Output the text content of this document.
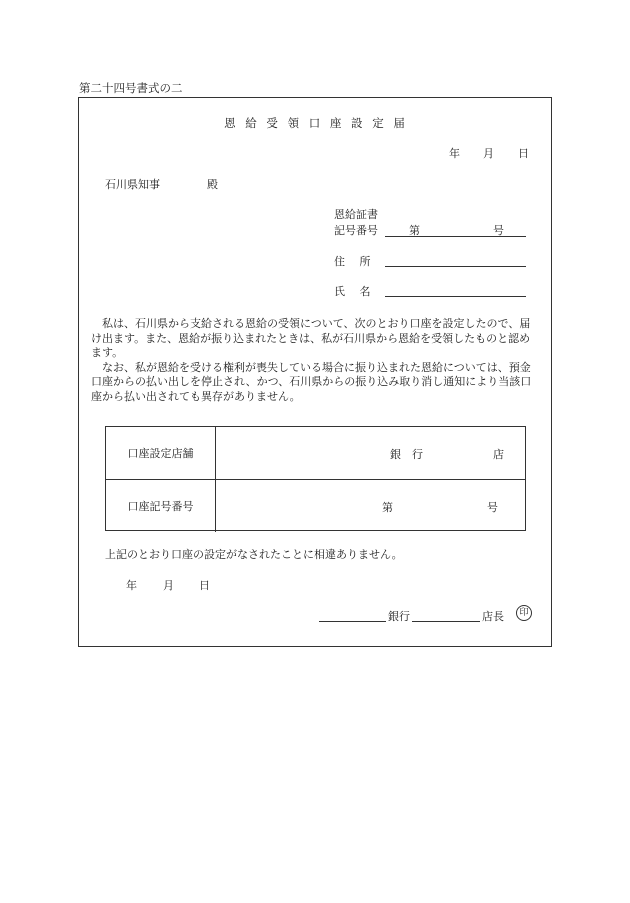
第二十四号書式の二
恩 給 受 領 口 座 設 定 届
年 月 日
石川県知事	殿
恩給証書
記号番号	第	号
住　 所
氏　 名

私は、石川県から支給される恩給の受領について、次のとおり口座を設定したので、届け出ます。また、恩給が振り込まれたときは、私が石川県から恩給を受領したものと認めます。

なお、私が恩給を受ける権利が喪失している場合に振り込まれた恩給については、預金口座からの払い出しを停止され、かつ、石川県からの振り込み取り消し通知により当該口座から払い出されても異存がありません。

口座設定店舗	銀　行	店
口座記号番号	第	号
上記のとおり口座の設定がなされたことに相違ありません。
年 月 日
銀行	店長	印
